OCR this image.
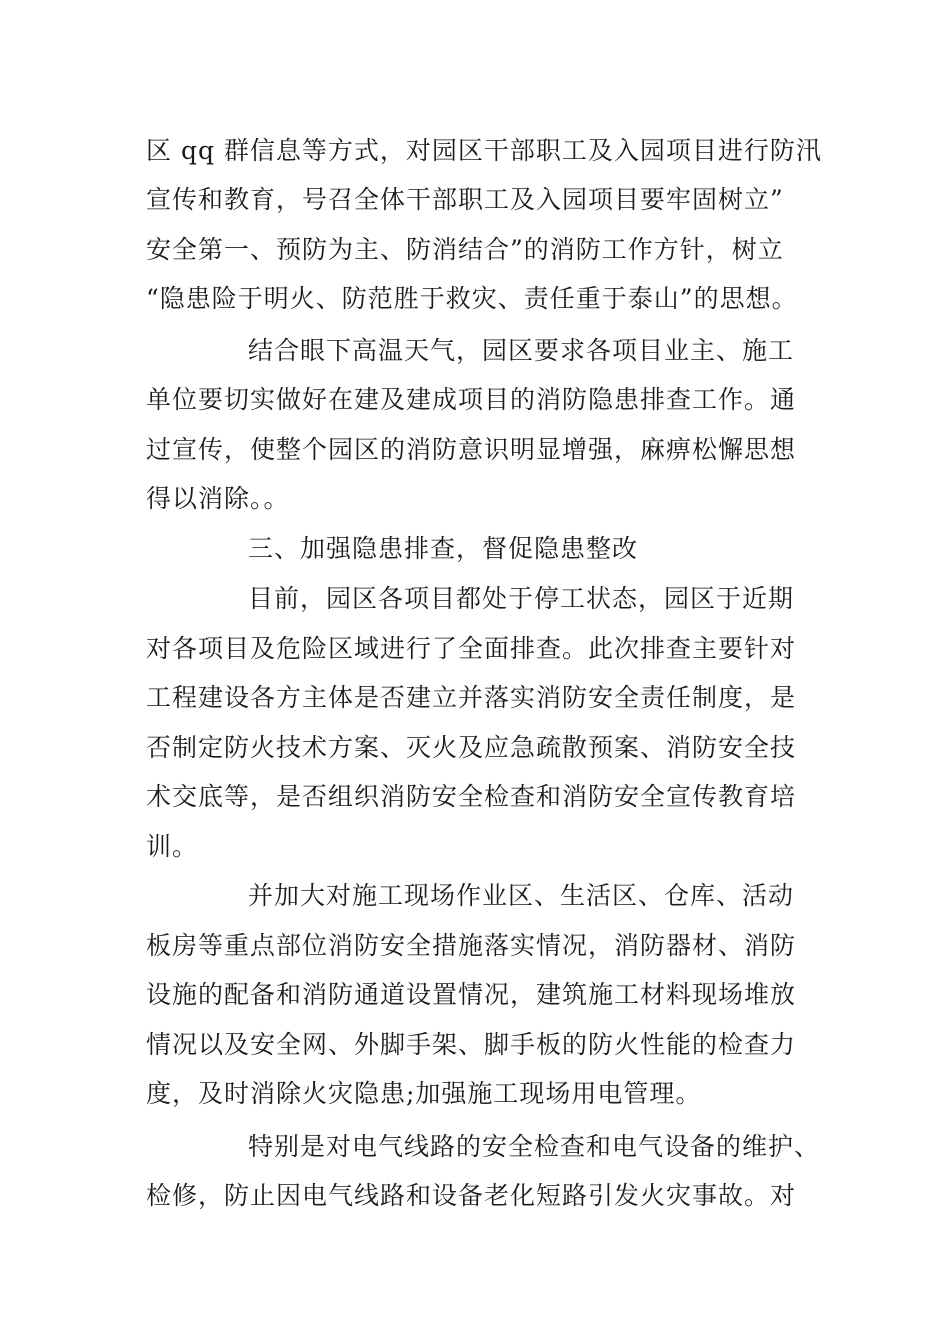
区 qq 群信息等方式，对园区干部职工及入园项目进行防汛
宣传和教育，号召全体干部职工及入园项目要牢固树立”
安全第一、预防为主、防消结合”的消防工作方针，树立
“隐患险于明火、防范胜于救灾、责任重于泰山”的思想。
结合眼下高温天气，园区要求各项目业主、施工
单位要切实做好在建及建成项目的消防隐患排查工作。通
过宣传，使整个园区的消防意识明显增强，麻痹松懈思想
得以消除。。
三、加强隐患排查，督促隐患整改
目前，园区各项目都处于停工状态，园区于近期
对各项目及危险区域进行了全面排查。此次排查主要针对
工程建设各方主体是否建立并落实消防安全责任制度，是
否制定防火技术方案、灭火及应急疏散预案、消防安全技
术交底等，是否组织消防安全检查和消防安全宣传教育培
训。
并加大对施工现场作业区、生活区、仓库、活动
板房等重点部位消防安全措施落实情况，消防器材、消防
设施的配备和消防通道设置情况，建筑施工材料现场堆放
情况以及安全网、外脚手架、脚手板的防火性能的检查力
度，及时消除火灾隐患;加强施工现场用电管理。
特别是对电气线路的安全检查和电气设备的维护、
检修，防止因电气线路和设备老化短路引发火灾事故。对
